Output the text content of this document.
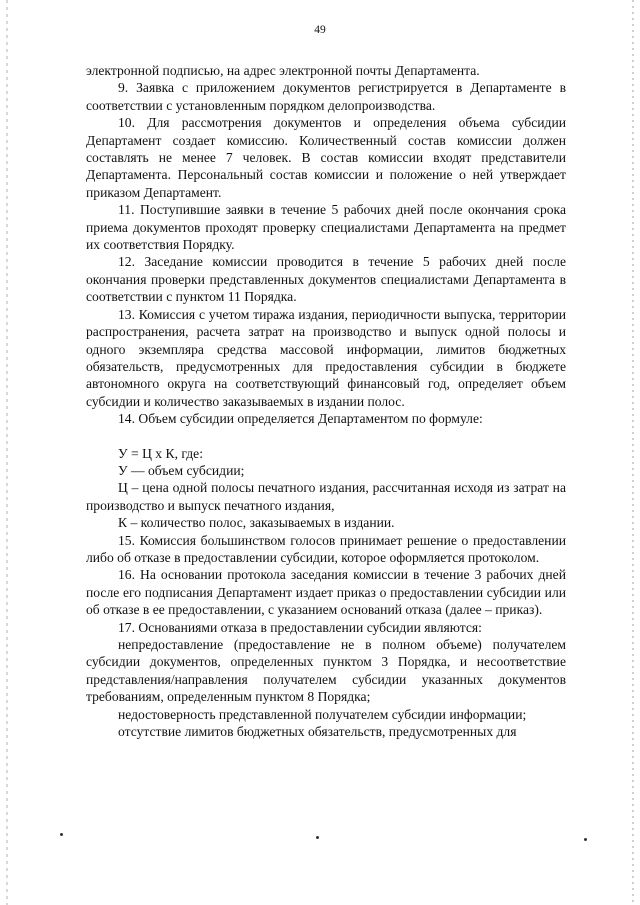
49

электронной подписью, на адрес электронной почты Департамента.

9. Заявка с приложением документов регистрируется в Департаменте в соответствии с установленным порядком делопроизводства.

10. Для рассмотрения документов и определения объема субсидии Департамент создает комиссию. Количественный состав комиссии должен составлять не менее 7 человек. В состав комиссии входят представители Департамента. Персональный состав комиссии и положение о ней утверждает приказом Департамент.

11. Поступившие заявки в течение 5 рабочих дней после окончания срока приема документов проходят проверку специалистами Департамента на предмет их соответствия Порядку.

12. Заседание комиссии проводится в течение 5 рабочих дней после окончания проверки представленных документов специалистами Департамента в соответствии с пунктом 11 Порядка.

13. Комиссия с учетом тиража издания, периодичности выпуска, территории распространения, расчета затрат на производство и выпуск одной полосы и одного экземпляра средства массовой информации, лимитов бюджетных обязательств, предусмотренных для предоставления субсидии в бюджете автономного округа на соответствующий финансовый год, определяет объем субсидии и количество заказываемых в издании полос.

14. Объем субсидии определяется Департаментом по формуле:

У = Ц х К, где:

У — объем субсидии;

Ц – цена одной полосы печатного издания, рассчитанная исходя из затрат на производство и выпуск печатного издания,

К – количество полос, заказываемых в издании.

15. Комиссия большинством голосов принимает решение о предоставлении либо об отказе в предоставлении субсидии, которое оформляется протоколом.

16. На основании протокола заседания комиссии в течение 3 рабочих дней после его подписания Департамент издает приказ о предоставлении субсидии или об отказе в ее предоставлении, с указанием оснований отказа (далее – приказ).

17. Основаниями отказа в предоставлении субсидии являются:

непредоставление (предоставление не в полном объеме) получателем субсидии документов, определенных пунктом 3 Порядка, и несоответствие представления/направления получателем субсидии указанных документов требованиям, определенным пунктом 8 Порядка;

недостоверность представленной получателем субсидии информации;

отсутствие лимитов бюджетных обязательств, предусмотренных для
